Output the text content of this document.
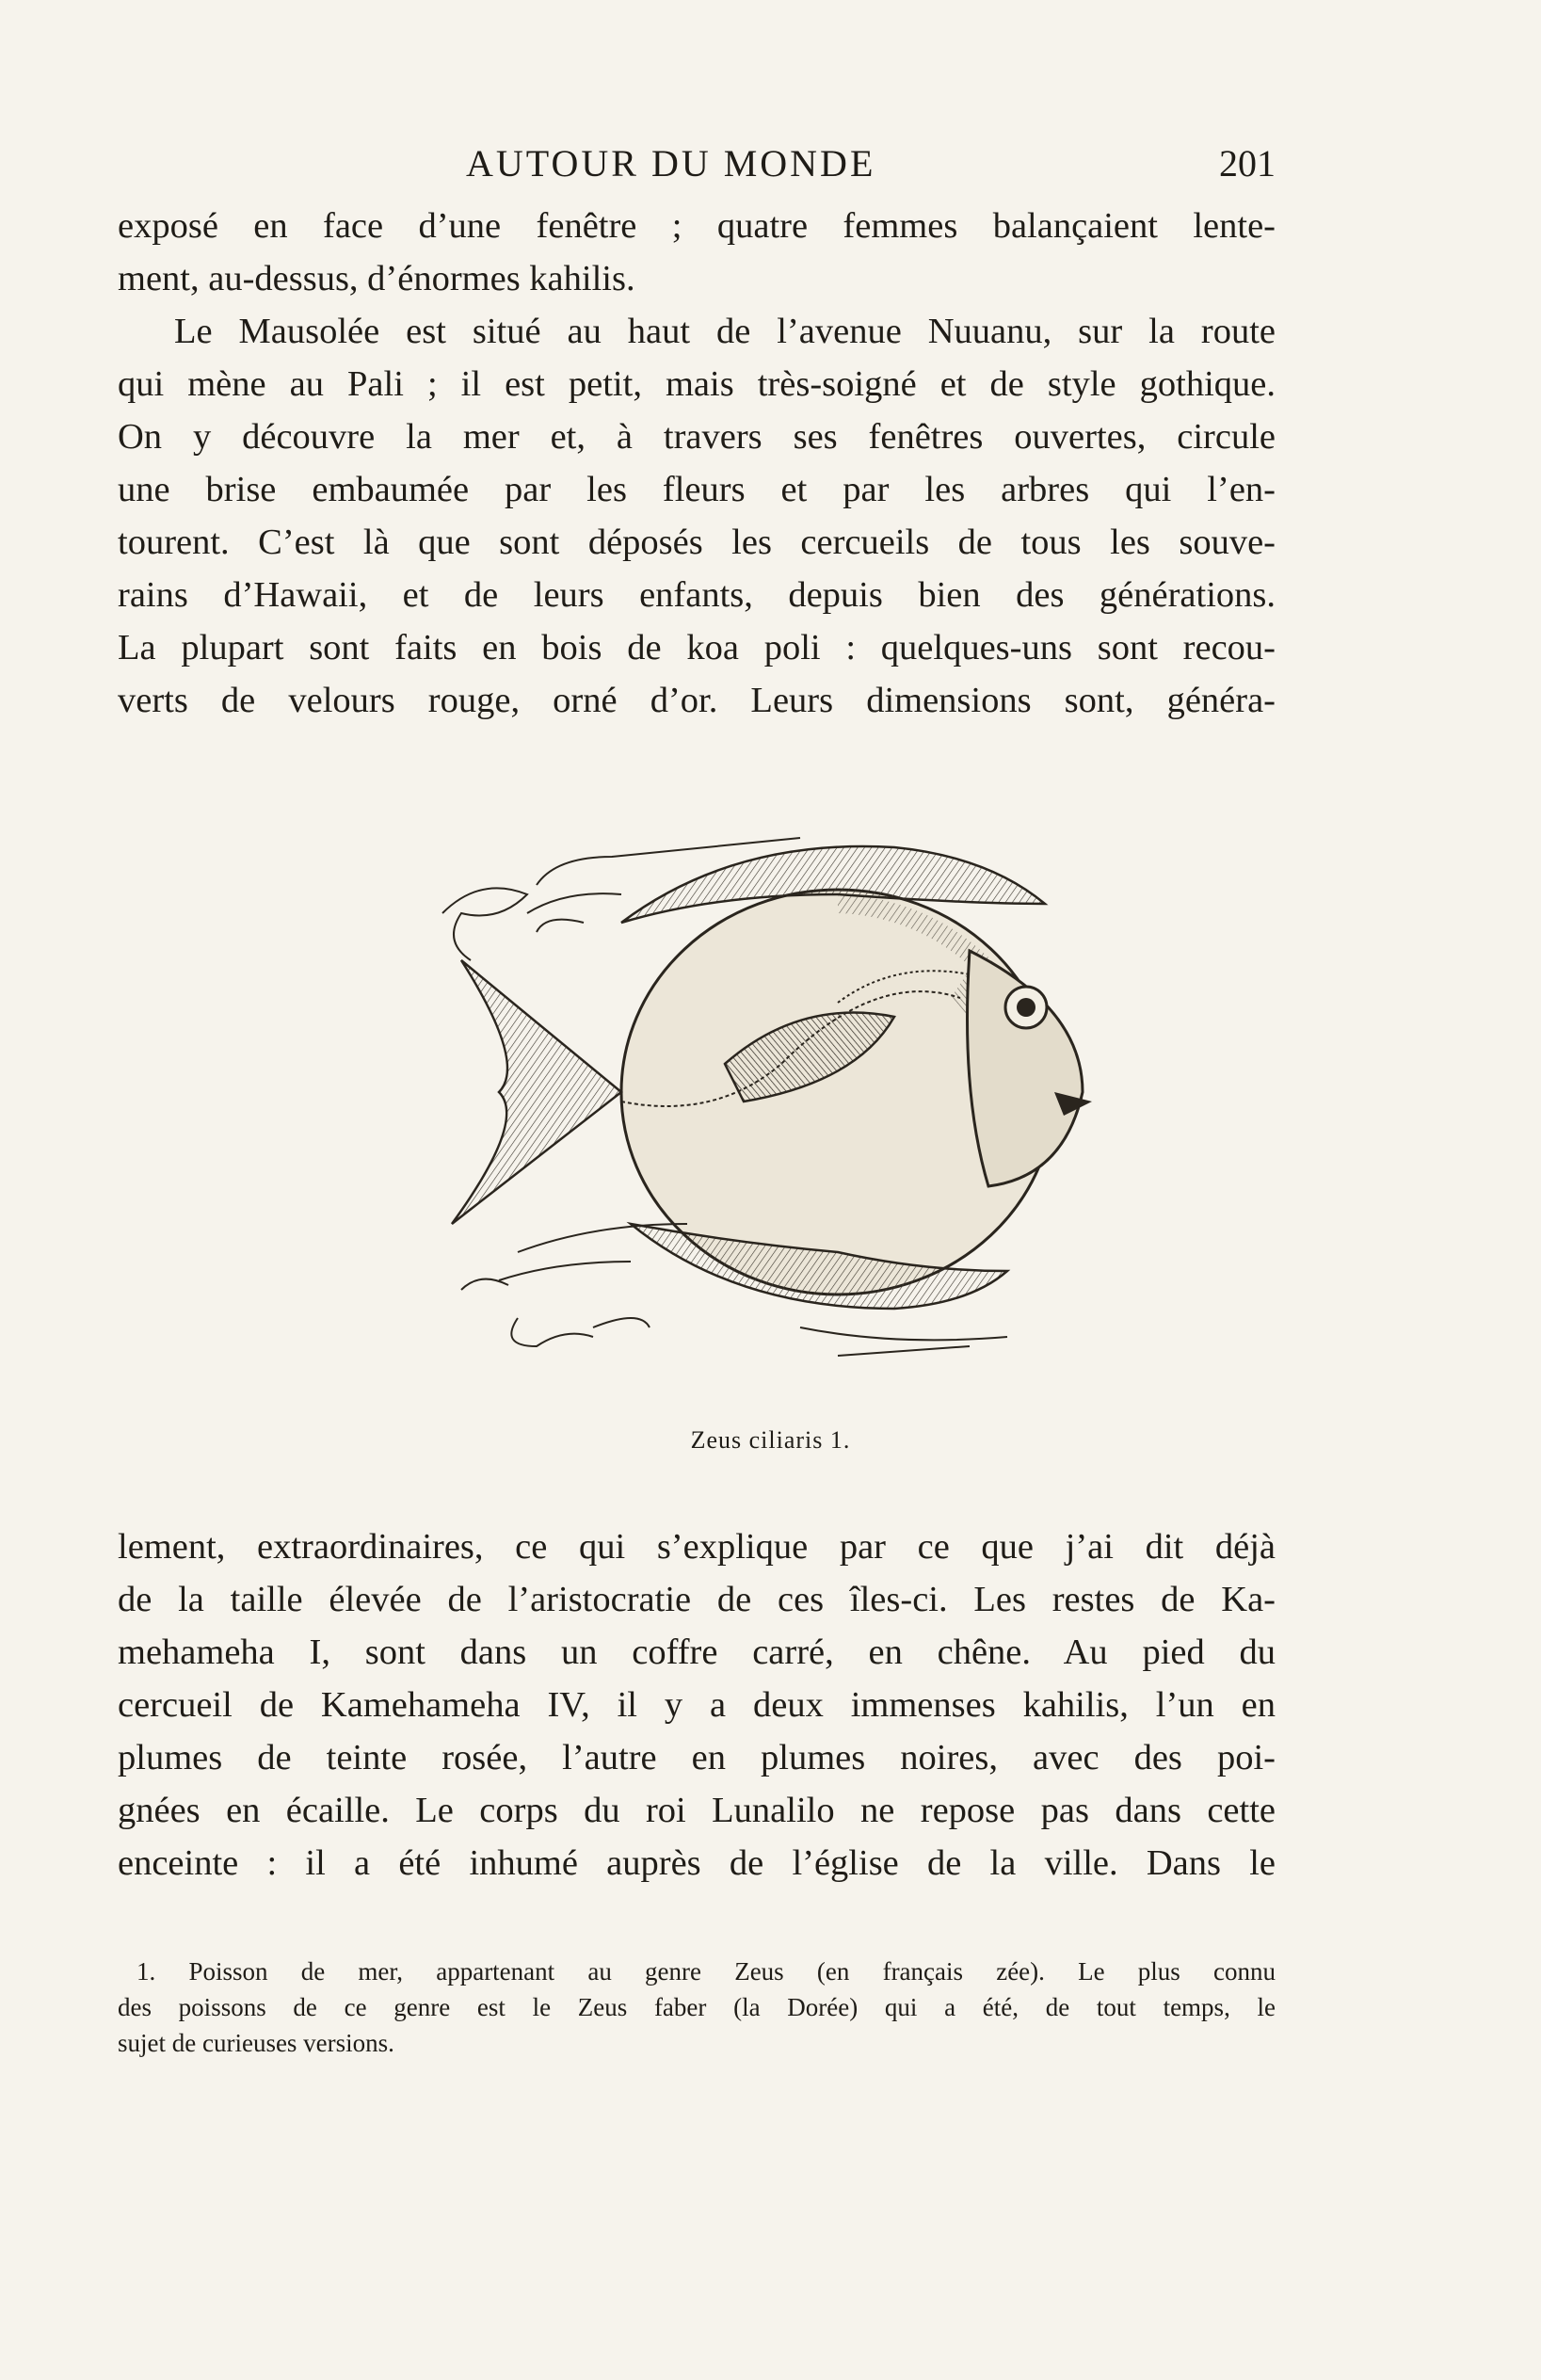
AUTOUR DU MONDE	201
exposé en face d’une fenêtre ; quatre femmes balançaient lente-
ment, au-dessus, d’énormes kahilis.
Le Mausolée est situé au haut de l’avenue Nuuanu, sur la route
qui mène au Pali ; il est petit, mais très-soigné et de style gothique.
On y découvre la mer et, à travers ses fenêtres ouvertes, circule
une brise embaumée par les fleurs et par les arbres qui l’en-
tourent. C’est là que sont déposés les cercueils de tous les souve-
rains d’Hawaii, et de leurs enfants, depuis bien des générations.
La plupart sont faits en bois de koa poli : quelques-uns sont recou-
verts de velours rouge, orné d’or. Leurs dimensions sont, généra-
Zeus ciliaris 1.
lement, extraordinaires, ce qui s’explique par ce que j’ai dit déjà
de la taille élevée de l’aristocratie de ces îles-ci. Les restes de Ka-
mehameha I, sont dans un coffre carré, en chêne. Au pied du
cercueil de Kamehameha IV, il y a deux immenses kahilis, l’un en
plumes de teinte rosée, l’autre en plumes noires, avec des poi-
gnées en écaille. Le corps du roi Lunalilo ne repose pas dans cette
enceinte : il a été inhumé auprès de l’église de la ville. Dans le
1. Poisson de mer, appartenant au genre Zeus (en français zée). Le plus connu
des poissons de ce genre est le Zeus faber (la Dorée) qui a été, de tout temps, le
sujet de curieuses versions.
